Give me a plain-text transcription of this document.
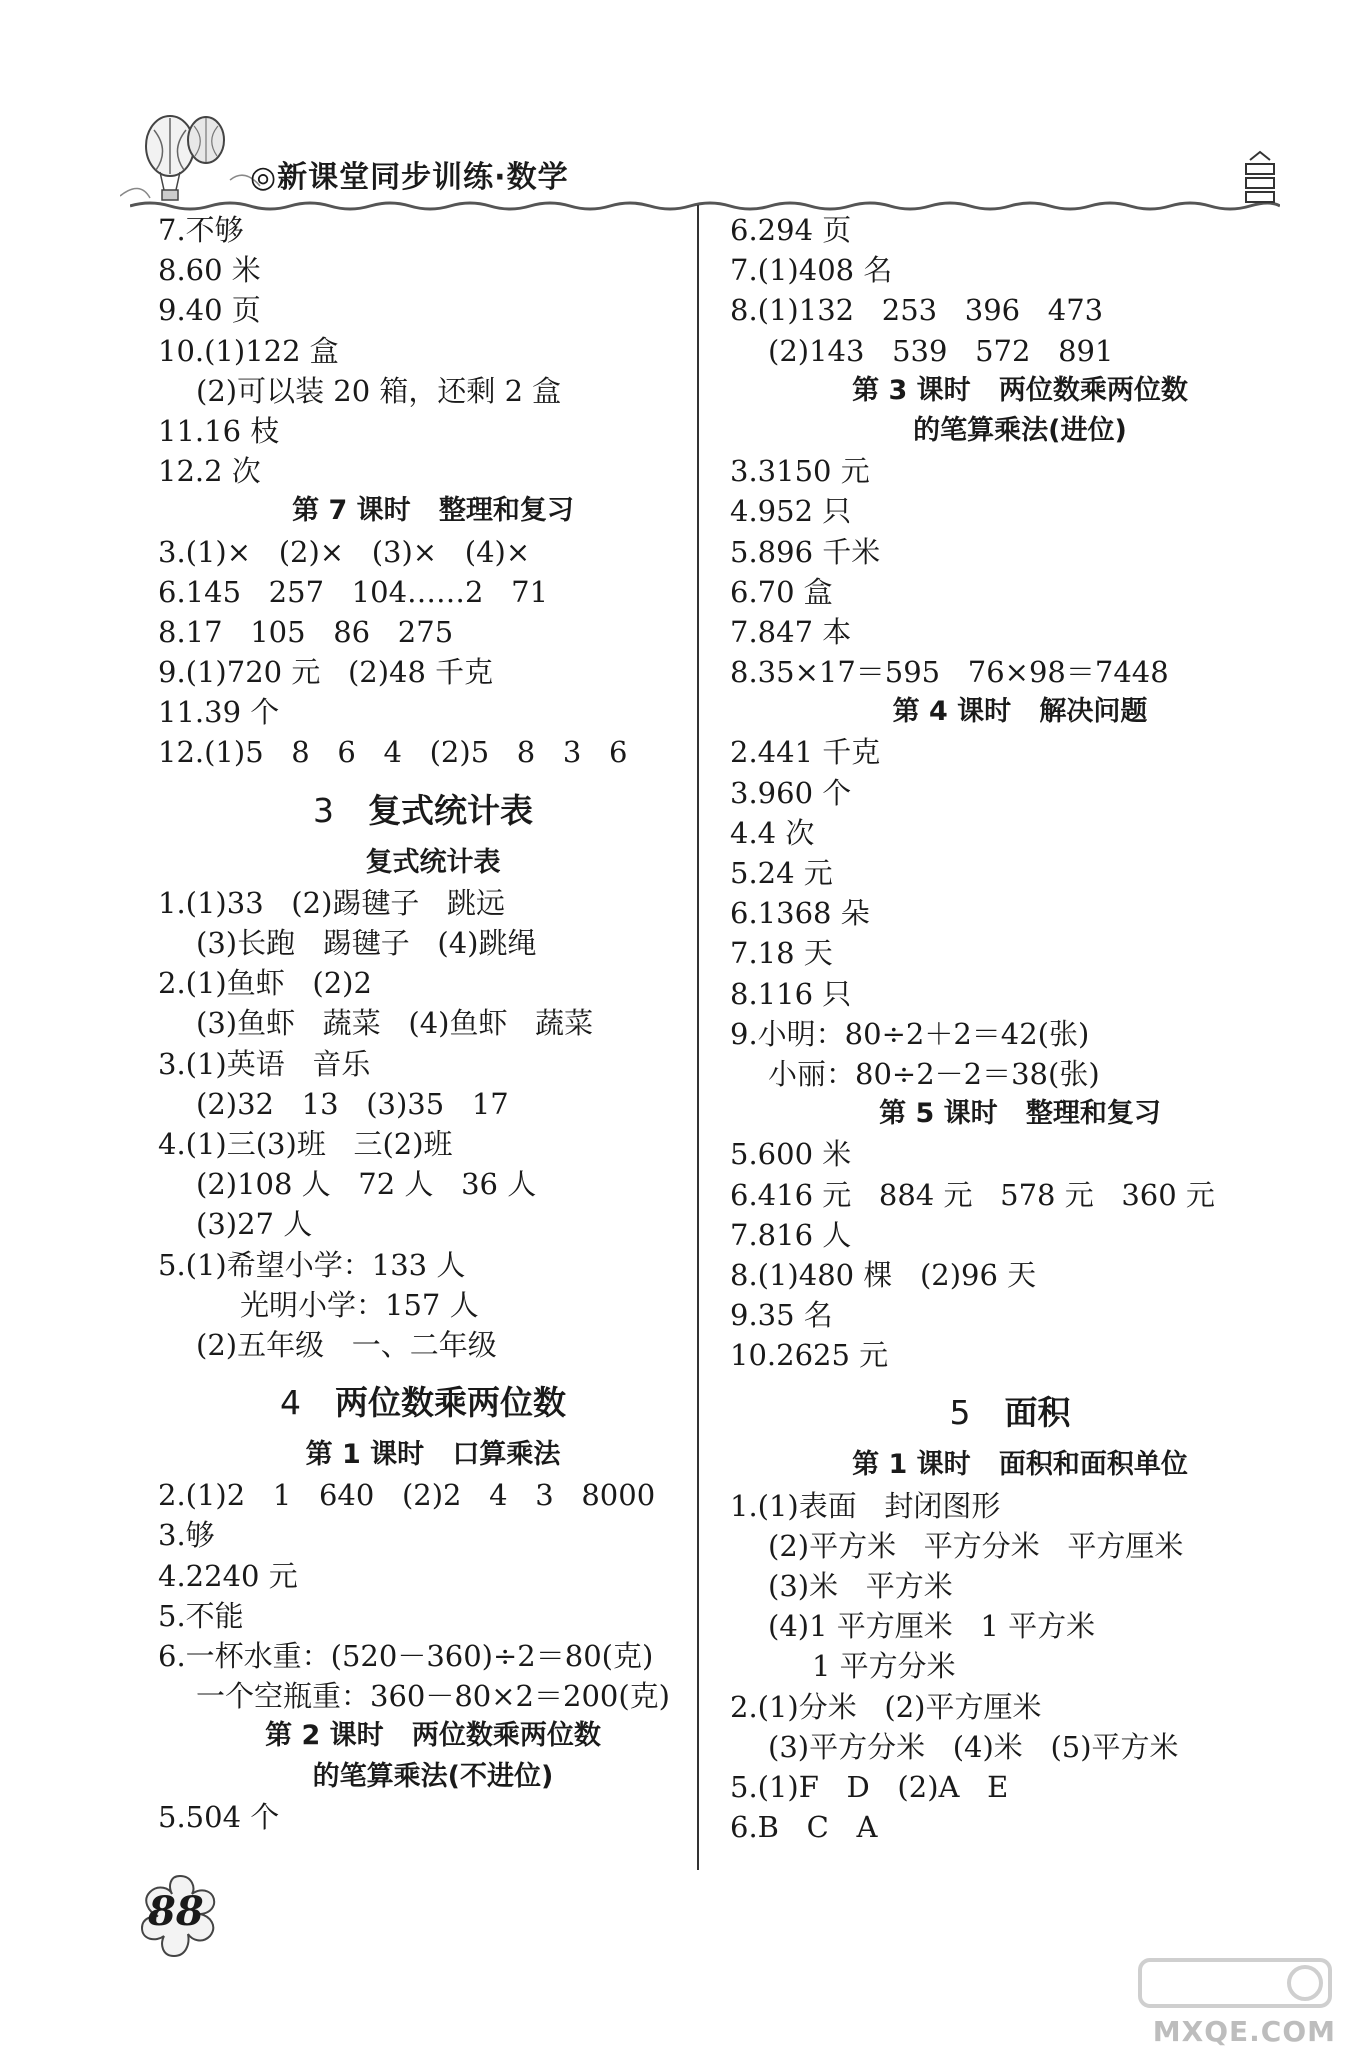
◎新课堂同步训练·数学
7.不够
8.60 米
9.40 页
10.(1)122 盒
(2)可以装 20 箱，还剩 2 盒
11.16 枝
12.2 次
第 7 课时   整理和复习
3.(1)×   (2)×   (3)×   (4)×
6.145   257   104……2   71
8.17   105   86   275
9.(1)720 元   (2)48 千克
11.39 个
12.(1)5   8   6   4   (2)5   8   3   6
3 复式统计表
复式统计表
1.(1)33   (2)踢毽子   跳远
(3)长跑   踢毽子   (4)跳绳
2.(1)鱼虾   (2)2
(3)鱼虾   蔬菜   (4)鱼虾   蔬菜
3.(1)英语   音乐
(2)32   13   (3)35   17
4.(1)三(3)班   三(2)班
(2)108 人   72 人   36 人
(3)27 人
5.(1)希望小学：133 人
光明小学：157 人
(2)五年级   一、二年级
4 两位数乘两位数
第 1 课时   口算乘法
2.(1)2   1   640   (2)2   4   3   8000
3.够
4.2240 元
5.不能
6.一杯水重：(520－360)÷2＝80(克)
一个空瓶重：360－80×2＝200(克)
第 2 课时   两位数乘两位数
的笔算乘法(不进位)
5.504 个
6.294 页
7.(1)408 名
8.(1)132   253   396   473
(2)143   539   572   891
第 3 课时   两位数乘两位数
的笔算乘法(进位)
3.3150 元
4.952 只
5.896 千米
6.70 盒
7.847 本
8.35×17＝595   76×98＝7448
第 4 课时   解决问题
2.441 千克
3.960 个
4.4 次
5.24 元
6.1368 朵
7.18 天
8.116 只
9.小明：80÷2＋2＝42(张)
小丽：80÷2－2＝38(张)
第 5 课时   整理和复习
5.600 米
6.416 元   884 元   578 元   360 元
7.816 人
8.(1)480 棵   (2)96 天
9.35 名
10.2625 元
5 面积
第 1 课时   面积和面积单位
1.(1)表面   封闭图形
(2)平方米   平方分米   平方厘米
(3)米   平方米
(4)1 平方厘米   1 平方米
1 平方分米
2.(1)分米   (2)平方厘米
(3)平方分米   (4)米   (5)平方米
5.(1)F   D   (2)A   E
6.B   C   A
88
MXQE.COM
